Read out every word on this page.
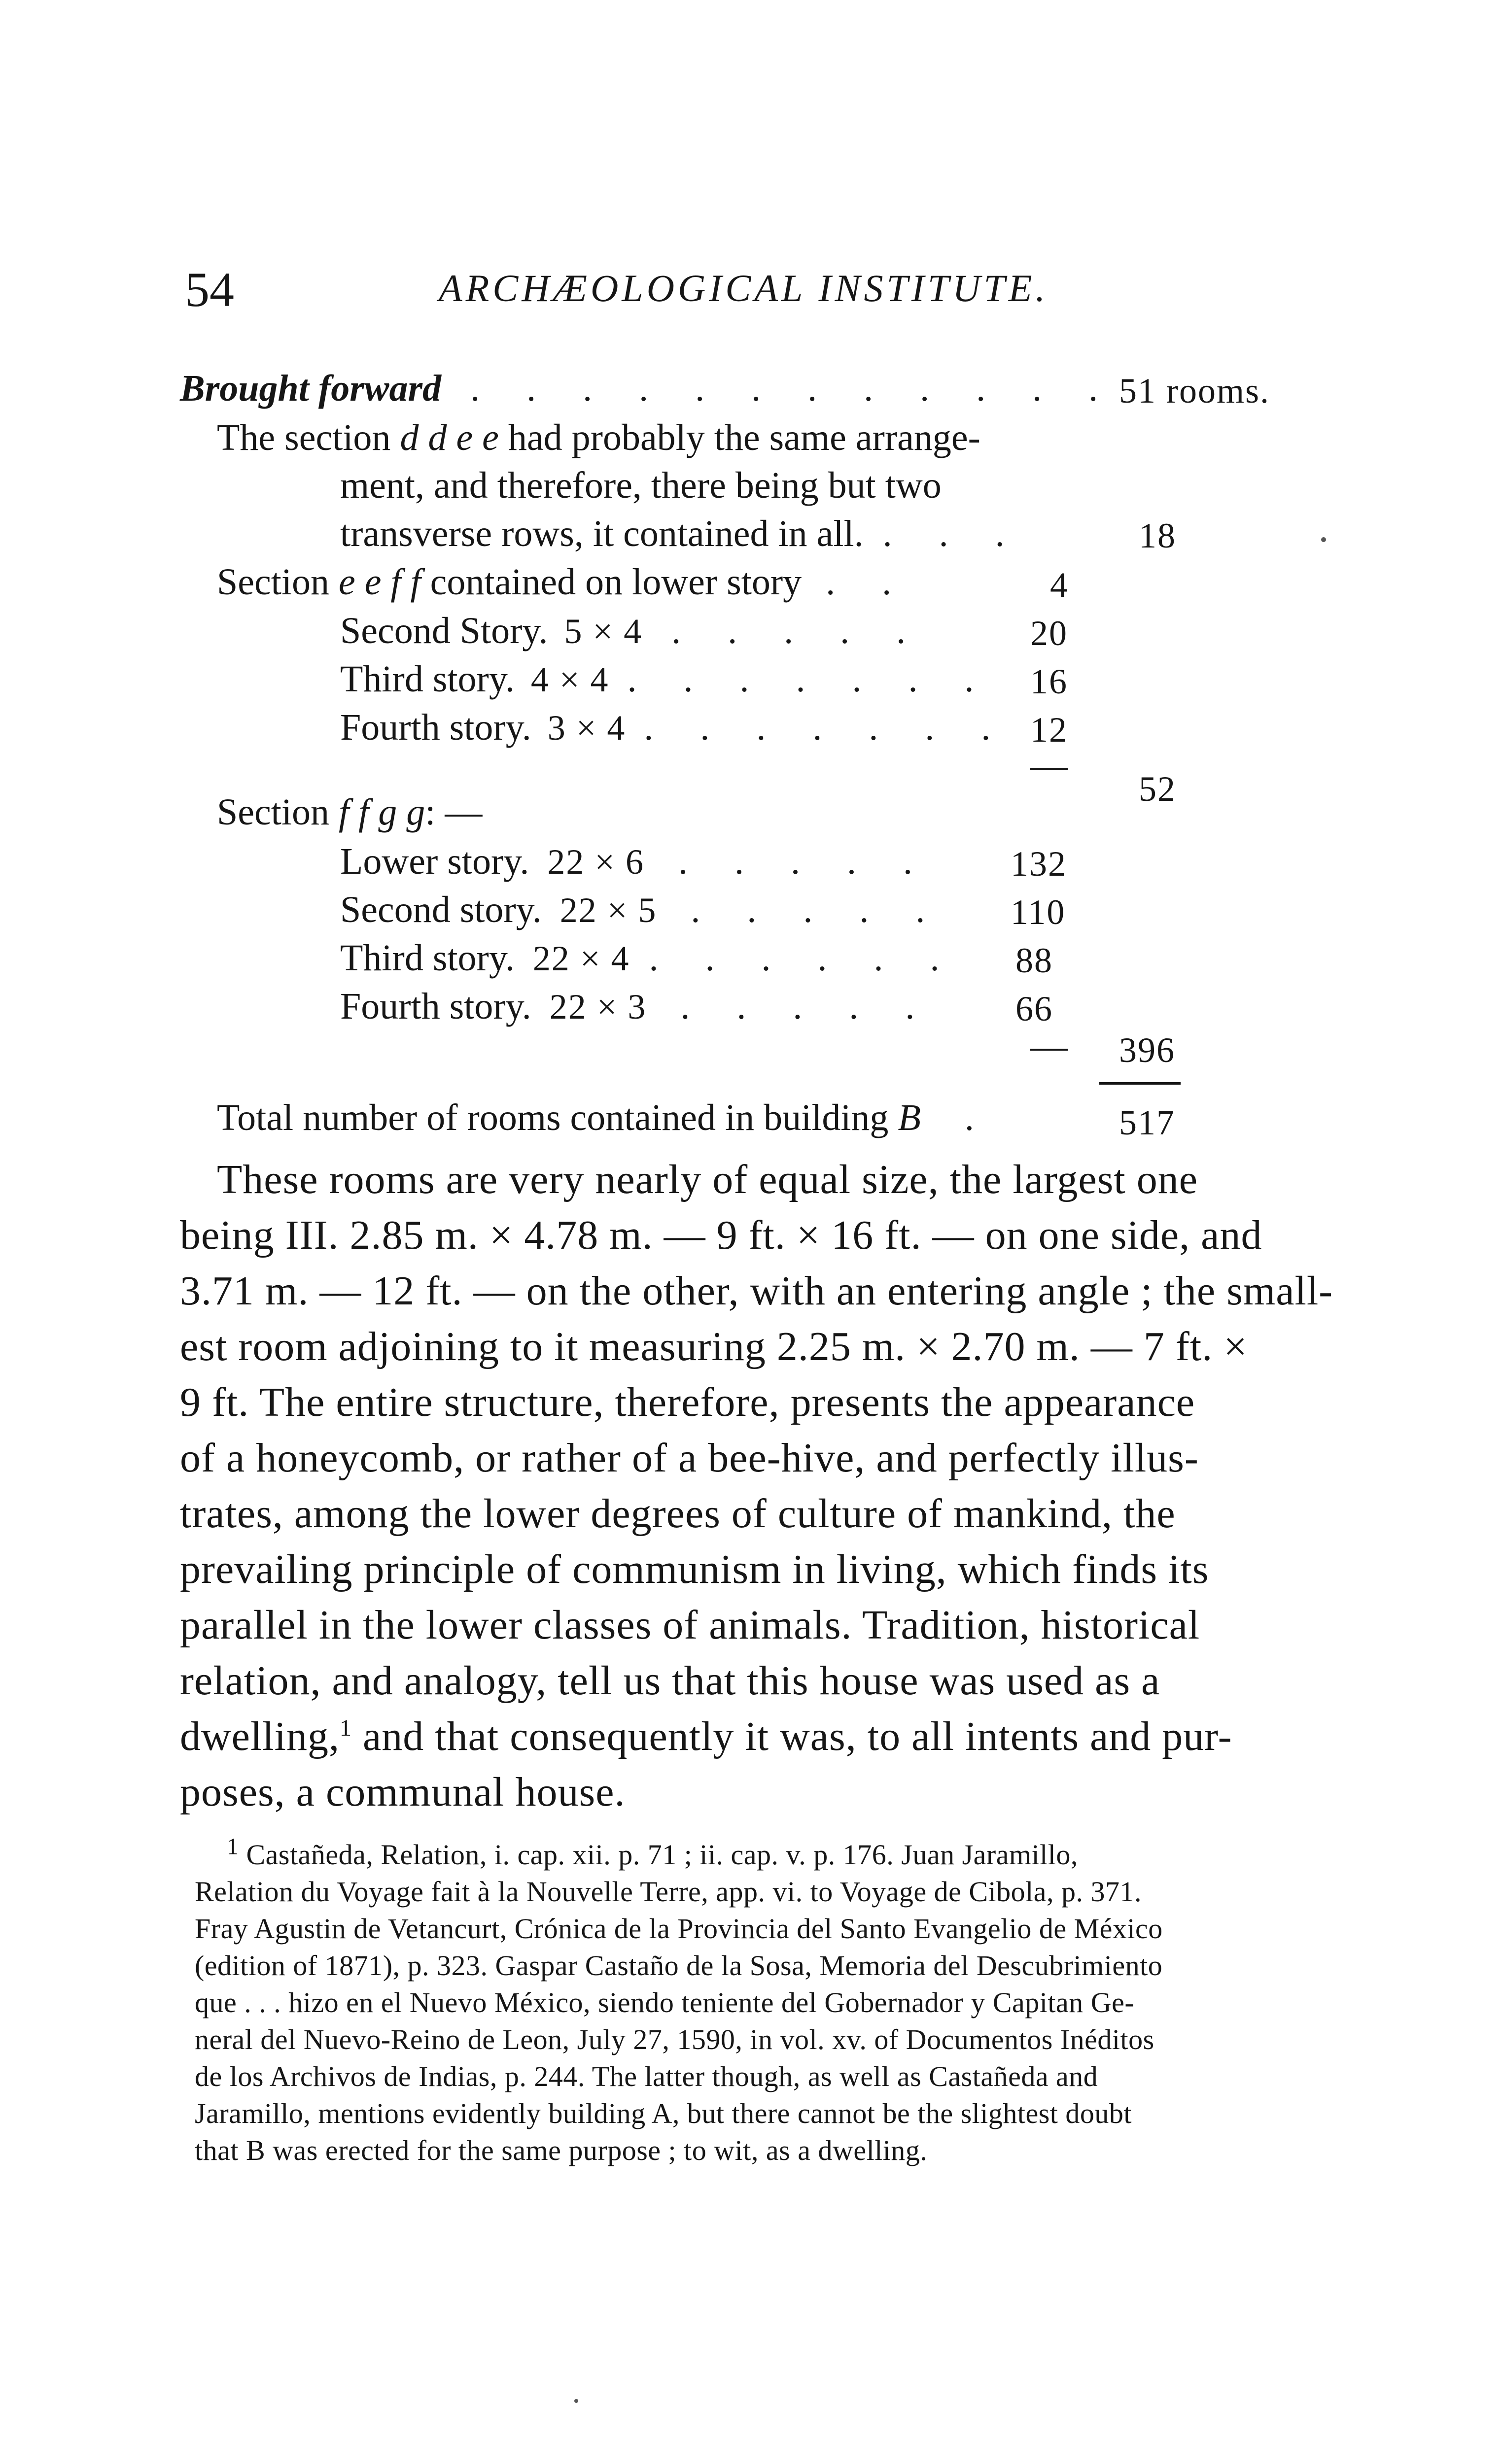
54	ARCHÆOLOGICAL INSTITUTE.
Brought forward . . . . . . . . . . . . 51 rooms.
The section d d e e had probably the same arrange-
ment, and therefore, there being but two
transverse rows, it contained in all. . . .	18
Section e e f f contained on lower story . .	4
Second Story. 5 × 4 . . . . .	20
Third story. 4 × 4 . . . . . . . 16
Fourth story. 3 × 4 . . . . . . . 12
—
52
Section f f g g: —
Lower story. 22 × 6 . . . . . 132
Second story. 22 × 5 . . . . . 110
Third story. 22 × 4 . . . . . . 88
Fourth story. 22 × 3 . . . . . 66
— 396
Total number of rooms contained in building B .	517
These rooms are very nearly of equal size, the largest one
being III. 2.85 m. × 4.78 m. — 9 ft. × 16 ft. — on one side, and
3.71 m. — 12 ft. — on the other, with an entering angle ; the small-
est room adjoining to it measuring 2.25 m. × 2.70 m. — 7 ft. ×
9 ft. The entire structure, therefore, presents the appearance
of a honeycomb, or rather of a bee-hive, and perfectly illus-
trates, among the lower degrees of culture of mankind, the
prevailing principle of communism in living, which finds its
parallel in the lower classes of animals. Tradition, historical
relation, and analogy, tell us that this house was used as a
dwelling,$^1$ and that consequently it was, to all intents and pur-
poses, a communal house.
$^1$ Castañeda, Relation, i. cap. xii. p. 71 ; ii. cap. v. p. 176. Juan Jaramillo,
Relation du Voyage fait à la Nouvelle Terre, app. vi. to Voyage de Cibola, p. 371.
Fray Agustin de Vetancurt, Crónica de la Provincia del Santo Evangelio de México
(edition of 1871), p. 323. Gaspar Castaño de la Sosa, Memoria del Descubrimiento
que . . . hizo en el Nuevo México, siendo teniente del Gobernador y Capitan Ge-
neral del Nuevo-Reino de Leon, July 27, 1590, in vol. xv. of Documentos Inéditos
de los Archivos de Indias, p. 244. The latter though, as well as Castañeda and
Jaramillo, mentions evidently building A, but there cannot be the slightest doubt
that B was erected for the same purpose ; to wit, as a dwelling.
